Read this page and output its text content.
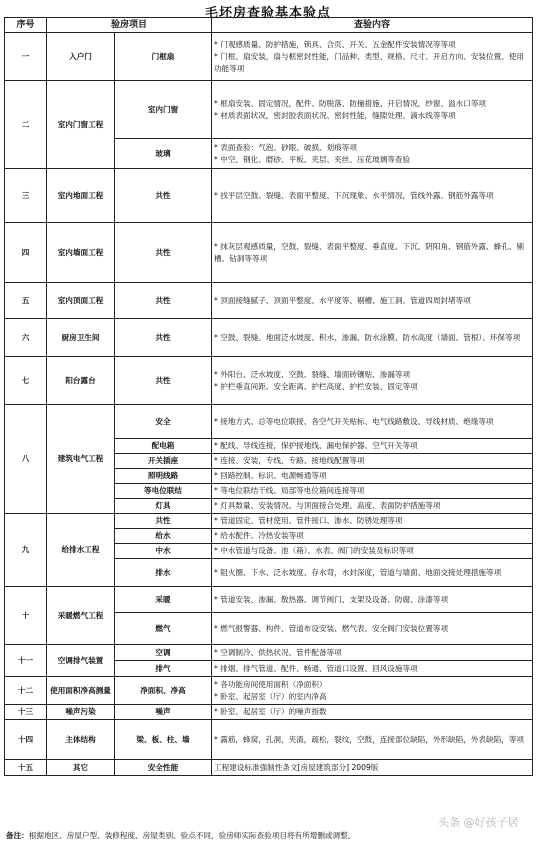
毛坯房查验基本验点
序号	验房项目		查验内容
一	入户门	门框扇	* 门观感质量、防护措施，锁具、合页、开关、五金配件安装情况等等项
* 门框、扇安装，扇与框密封性能，门品种、类型、规格、尺寸、开启方向、安装位置、使用功能等项

二	室内门窗工程	室内门窗	* 框扇安装、固定情况，配件、防脱落、防撞措施、开启情况，纱窗、溢水口等项
* 材质表面状况，密封胶表面状况、密封性能，缝隙处理、滴水线等等项

		玻璃	* 表面查验：气泡、砂眼、破损、划痕等项
* 中空、钢化、磨砂、平板、夹层、夹丝、压花玻璃等查验

三	室内地面工程	共性	* 找平层空鼓、裂缝、表面平整度、下沉现象、水平情况，管线外露、钢筋外露等项

四	室内墙面工程	共性	* 抹灰层观感质量，空鼓、裂缝、表面平整度、垂直度、下沉、阴阳角、钢筋外露、蜂孔、剔槽、钻洞等等项

五	室内顶面工程	共性	* 顶面接缝腻子、顶面平整度、水平度等、剔槽、施工洞、管道四周封堵等项

六	厨房卫生间	共性	* 空鼓、裂缝、地面泛水坡度、积水、渗漏、防水涂膜、防水高度（墙面、管根）、环保等项

七	阳台露台	共性	* 外阳台、泛水坡度、空鼓、裂缝、墙面砖镶贴、渗漏等项
* 护栏垂直间距、安全距离、护栏高度、护栏安装、固定等项

八	建筑电气工程	安全	* 接地方式、总等电位联接、各空气开关贴标、电气线路敷设、导线材质、绝缘等项

		配电箱	* 配线、导线连接，保护接地线、漏电保护器、空气开关等项

		开关插座	* 连接、安装，专线、专路、接地线配置等项

		照明线路	* 回路控制、标识、电源畅通等项

		等电位联结	* 等电位联结干线、局部等电位箱间连接等项

		灯具	* 灯具数量、安装情况、与顶面接合处理、高度、表面防护措施等项

九	给排水工程	共性	* 管道固定、管材使用、管件接口、渗水、防锈处理等项

		给水	* 给水配件、冷热安装等项

		中水	* 中水管道与设备、池（箱）、水表、阀门的安装及标识等项

		排水	* 阻火圈、下水、泛水坡度、存水弯，水封深度，管道与墙面、地面交接处理措施等项

十	采暖燃气工程	采暖	* 管道安装、渗漏、散热器、调节阀门、支架及设备、防腐、涂漆等项

		燃气	* 燃气报警器、构件、管道布设安装、燃气表、安全阀门安装位置等项

十一	空调排气装置	空调	* 空调制冷、供热状况、管件配备等项

		排气	* 排烟、排气管道、配件、畅通、管道口设置、回风设施等项

十二	使用面积净高测量	净面积、净高	* 各功能房间使用面积（净面积）
* 卧室、起居室（厅）的室内净高

十三	噪声污染	噪声	* 卧室、起居室（厅）的噪声指数

十四	主体结构	梁、板、柱、墙	* 露筋，蜂窝，孔洞，夹渣，疏松，裂纹，空鼓，连接部位缺陷，外形缺陷，外表缺陷，等项

十五	其它	安全性能	工程建设标准强制性条文[房屋建筑部分] 2009版
头条 @好孩子居
备注：根据地区、房屋户型、装修程度、房屋类别、验点不同，验房师实际查验项目将有所增删或调整。
